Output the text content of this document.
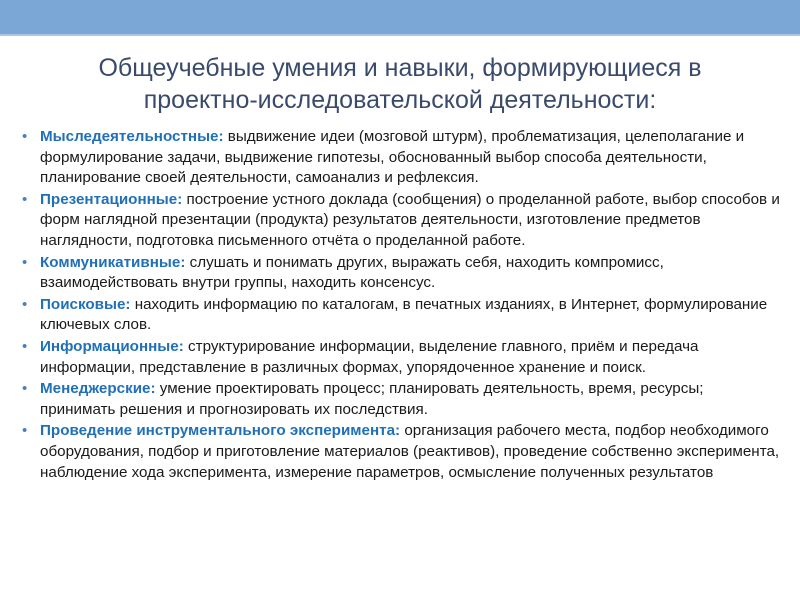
Общеучебные умения и навыки, формирующиеся в
проектно-исследовательской деятельности:
• Мыследеятельностные: выдвижение идеи (мозговой штурм), проблематизация, целеполагание и формулирование задачи, выдвижение гипотезы, обоснованный выбор способа деятельности, планирование своей деятельности, самоанализ и рефлексия.
• Презентационные: построение устного доклада (сообщения) о проделанной работе, выбор способов и форм наглядной презентации (продукта) результатов деятельности, изготовление предметов наглядности, подготовка письменного отчёта о проделанной работе.
• Коммуникативные: слушать и понимать других, выражать себя, находить компромисс, взаимодействовать внутри группы, находить консенсус.
• Поисковые: находить информацию по каталогам, в печатных изданиях, в Интернет, формулирование ключевых слов.
• Информационные: структурирование информации, выделение главного, приём и передача информации, представление в различных формах, упорядоченное хранение и поиск.
• Менеджерские: умение проектировать процесс; планировать деятельность, время, ресурсы; принимать решения и прогнозировать их последствия.
• Проведение инструментального эксперимента: организация рабочего места, подбор необходимого оборудования, подбор и приготовление материалов (реактивов), проведение собственно эксперимента, наблюдение хода эксперимента, измерение параметров, осмысление полученных результатов
